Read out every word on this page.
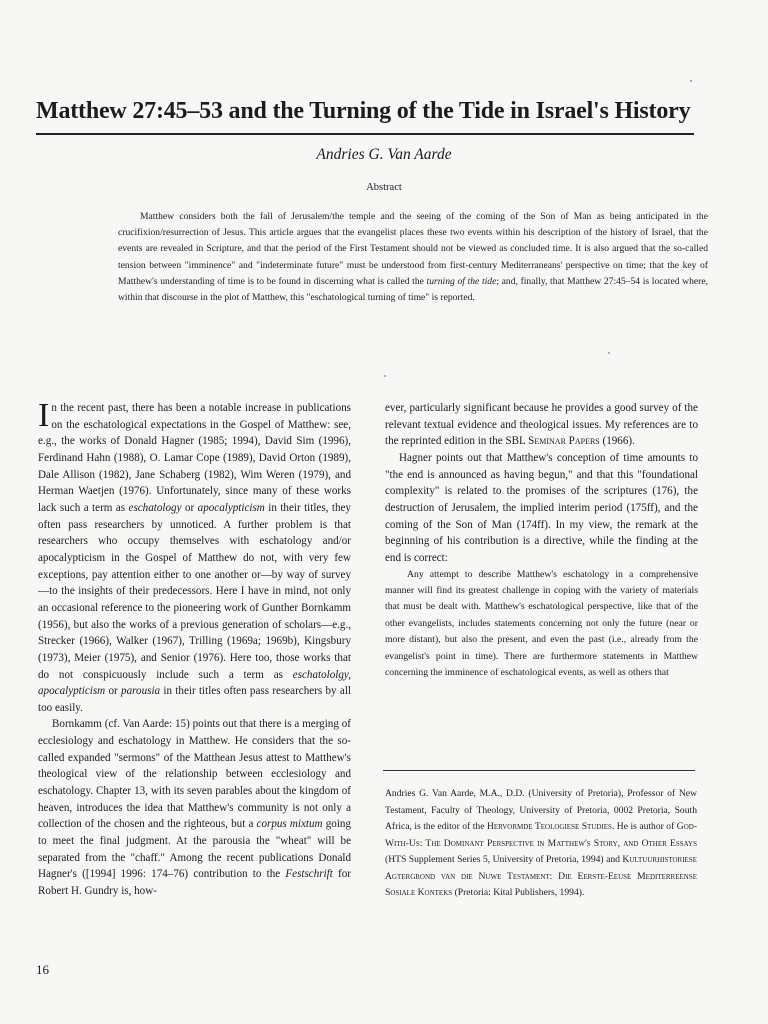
Matthew 27:45–53 and the Turning of the Tide in Israel's History
Andries G. Van Aarde
Abstract
Matthew considers both the fall of Jerusalem/the temple and the seeing of the coming of the Son of Man as being anticipated in the crucifixion/resurrection of Jesus. This article argues that the evangelist places these two events within his description of the history of Israel, that the events are revealed in Scripture, and that the period of the First Testament should not be viewed as concluded time. It is also argued that the so-called tension between "imminence" and "indeterminate future" must be understood from first-century Mediterraneans' perspective on time; that the key of Matthew's understanding of time is to be found in discerning what is called the turning of the tide; and, finally, that Matthew 27:45–54 is located where, within that discourse in the plot of Matthew, this "eschatological turning of time" is reported.

In the recent past, there has been a notable increase in publications on the eschatological expectations in the Gospel of Matthew: see, e.g., the works of Donald Hagner (1985; 1994), David Sim (1996), Ferdinand Hahn (1988), O. Lamar Cope (1989), David Orton (1989), Dale Allison (1982), Jane Schaberg (1982), Wim Weren (1979), and Herman Waetjen (1976). Unfortunately, since many of these works lack such a term as eschatology or apocalypticism in their titles, they often pass researchers by unnoticed. A further problem is that researchers who occupy themselves with eschatology and/or apocalypticism in the Gospel of Matthew do not, with very few exceptions, pay attention either to one another or—by way of survey—to the insights of their predecessors. Here I have in mind, not only an occasional reference to the pioneering work of Gunther Bornkamm (1956), but also the works of a previous generation of scholars—e.g., Strecker (1966), Walker (1967), Trilling (1969a; 1969b), Kingsbury (1973), Meier (1975), and Senior (1976). Here too, those works that do not conspicuously include such a term as eschatololgy, apocalypticism or parousia in their titles often pass researchers by all too easily.

Bornkamm (cf. Van Aarde: 15) points out that there is a merging of ecclesiology and eschatology in Matthew. He considers that the so-called expanded "sermons" of the Matthean Jesus attest to Matthew's theological view of the relationship between ecclesiology and eschatology. Chapter 13, with its seven parables about the kingdom of heaven, introduces the idea that Matthew's community is not only a collection of the chosen and the righteous, but a corpus mixtum going to meet the final judgment. At the parousia the "wheat" will be separated from the "chaff." Among the recent publications Donald Hagner's ([1994] 1996: 174–76) contribution to the Festschrift for Robert H. Gundry is, how-

ever, particularly significant because he provides a good survey of the relevant textual evidence and theological issues. My references are to the reprinted edition in the SBL Seminar Papers (1966).

Hagner points out that Matthew's conception of time amounts to "the end is announced as having begun," and that this "foundational complexity" is related to the promises of the scriptures (176), the destruction of Jerusalem, the implied interim period (175ff), and the coming of the Son of Man (174ff). In my view, the remark at the beginning of his contribution is a directive, while the finding at the end is correct:

Any attempt to describe Matthew's eschatology in a comprehensive manner will find its greatest challenge in coping with the variety of materials that must be dealt with. Matthew's eschatological perspective, like that of the other evangelists, includes statements concerning not only the future (near or more distant), but also the present, and even the past (i.e., already from the evangelist's point in time). There are furthermore statements in Matthew concerning the imminence of eschatological events, as well as others that

Andries G. Van Aarde, M.A., D.D. (University of Pretoria), Professor of New Testament, Faculty of Theology, University of Pretoria, 0002 Pretoria, South Africa, is the editor of the Hervormde Teologiese Studies. He is author of God-With-Us: The Dominant Perspective in Matthew's Story, and Other Essays (HTS Supplement Series 5, University of Pretoria, 1994) and Kultuurhistoriese Agtergrond van die Nuwe Testament: Die Eerste-Eeuse Mediterreense Sosiale Konteks (Pretoria: Kital Publishers, 1994).
16
